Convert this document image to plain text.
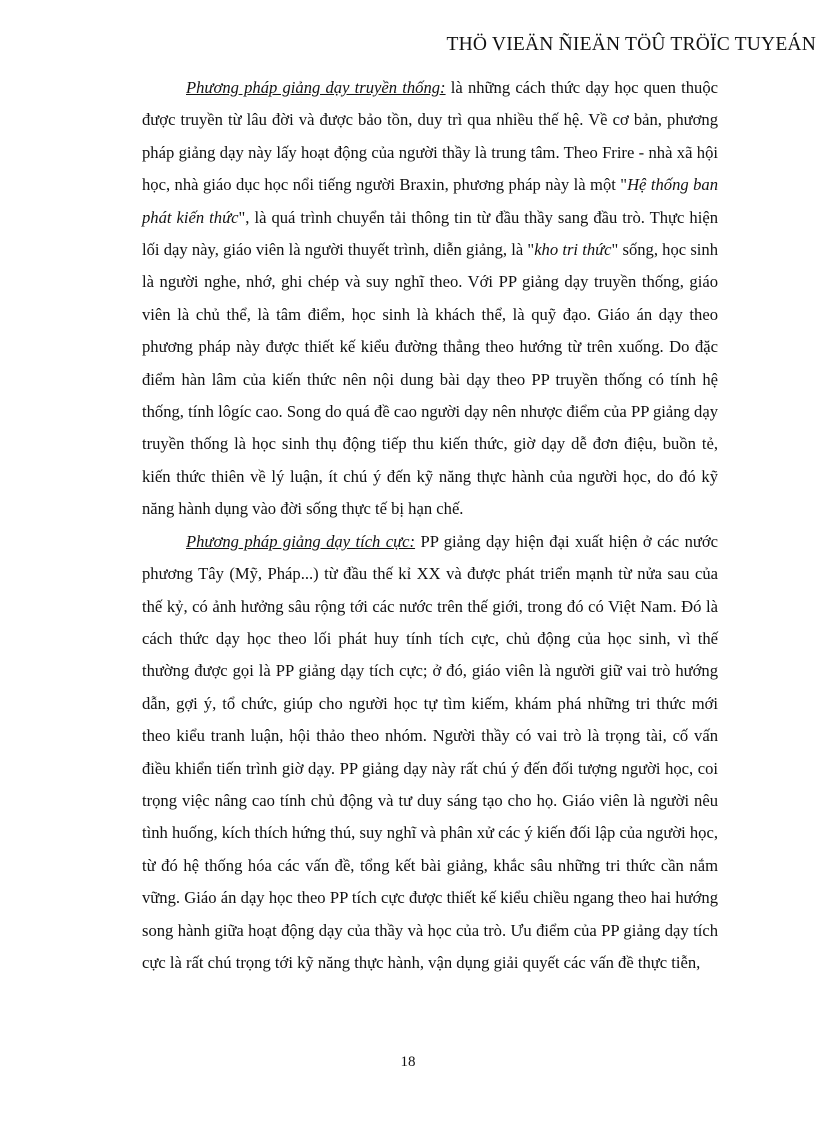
THÖ VIEÄN ÑIEÄN TÖÛ TRÖÏC TUYEÁN

Phương pháp giảng dạy truyền thống: là những cách thức dạy học quen thuộc được truyền từ lâu đời và được bảo tồn, duy trì qua nhiều thế hệ. Về cơ bản, phương pháp giảng dạy này lấy hoạt động của người thầy là trung tâm. Theo Frire - nhà xã hội học, nhà giáo dục học nổi tiếng người Braxin, phương pháp này là một "Hệ thống ban phát kiến thức", là quá trình chuyển tải thông tin từ đầu thầy sang đầu trò. Thực hiện lối dạy này, giáo viên là người thuyết trình, diễn giảng, là "kho tri thức" sống, học sinh là người nghe, nhớ, ghi chép và suy nghĩ theo. Với PP giảng dạy truyền thống, giáo viên là chủ thể, là tâm điểm, học sinh là khách thể, là quỹ đạo. Giáo án dạy theo phương pháp này được thiết kế kiểu đường thẳng theo hướng từ trên xuống. Do đặc điểm hàn lâm của kiến thức nên nội dung bài dạy theo PP truyền thống có tính hệ thống, tính lôgíc cao. Song do quá đề cao người dạy nên nhược điểm của PP giảng dạy truyền thống là học sinh thụ động tiếp thu kiến thức, giờ dạy dễ đơn điệu, buồn tẻ, kiến thức thiên về lý luận, ít chú ý đến kỹ năng thực hành của người học, do đó kỹ năng hành dụng vào đời sống thực tế bị hạn chế.

Phương pháp giảng dạy tích cực: PP giảng dạy hiện đại xuất hiện ở các nước phương Tây (Mỹ, Pháp...) từ đầu thế kỉ XX và được phát triển mạnh từ nửa sau của thế kỷ, có ảnh hưởng sâu rộng tới các nước trên thế giới, trong đó có Việt Nam. Đó là cách thức dạy học theo lối phát huy tính tích cực, chủ động của học sinh, vì thế thường được gọi là PP giảng dạy tích cực; ở đó, giáo viên là người giữ vai trò hướng dẫn, gợi ý, tổ chức, giúp cho người học tự tìm kiếm, khám phá những tri thức mới theo kiểu tranh luận, hội thảo theo nhóm. Người thầy có vai trò là trọng tài, cố vấn điều khiển tiến trình giờ dạy. PP giảng dạy này rất chú ý đến đối tượng người học, coi trọng việc nâng cao tính chủ động và tư duy sáng tạo cho họ. Giáo viên là người nêu tình huống, kích thích hứng thú, suy nghĩ và phân xử các ý kiến đối lập của người học, từ đó hệ thống hóa các vấn đề, tổng kết bài giảng, khắc sâu những tri thức cần nắm vững. Giáo án dạy học theo PP tích cực được thiết kế kiểu chiều ngang theo hai hướng song hành giữa hoạt động dạy của thầy và học của trò. Ưu điểm của PP giảng dạy tích cực là rất chú trọng tới kỹ năng thực hành, vận dụng giải quyết các vấn đề thực tiễn,

18
